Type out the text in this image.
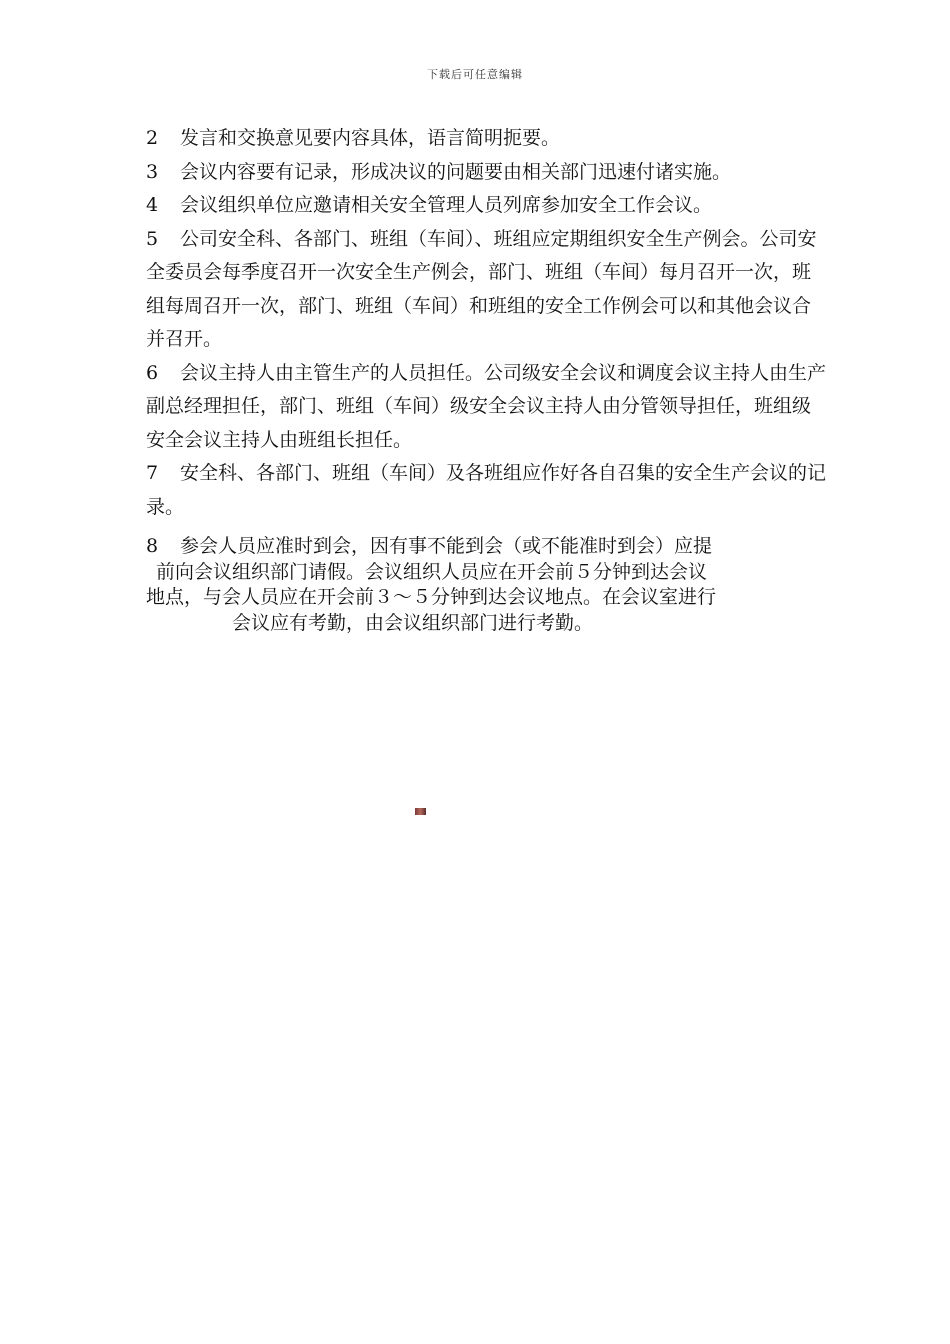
下载后可任意编辑

2 发言和交换意见要内容具体，语言简明扼要。

3 会议内容要有记录，形成决议的问题要由相关部门迅速付诸实施。

4 会议组织单位应邀请相关安全管理人员列席参加安全工作会议。

5 公司安全科、各部门、班组（车间）、班组应定期组织安全生产例会。公司安全委员会每季度召开一次安全生产例会，部门、班组（车间）每月召开一次，班组每周召开一次，部门、班组（车间）和班组的安全工作例会可以和其他会议合并召开。

6 会议主持人由主管生产的人员担任。公司级安全会议和调度会议主持人由生产副总经理担任，部门、班组（车间）级安全会议主持人由分管领导担任，班组级安全会议主持人由班组长担任。

7 安全科、各部门、班组（车间）及各班组应作好各自召集的安全生产会议的记录。

8 参会人员应准时到会，因有事不能到会（或不能准时到会）应提
前向会议组织部门请假。会议组织人员应在开会前５分钟到达会议
地点，与会人员应在开会前３～５分钟到达会议地点。在会议室进行
会议应有考勤，由会议组织部门进行考勤。
